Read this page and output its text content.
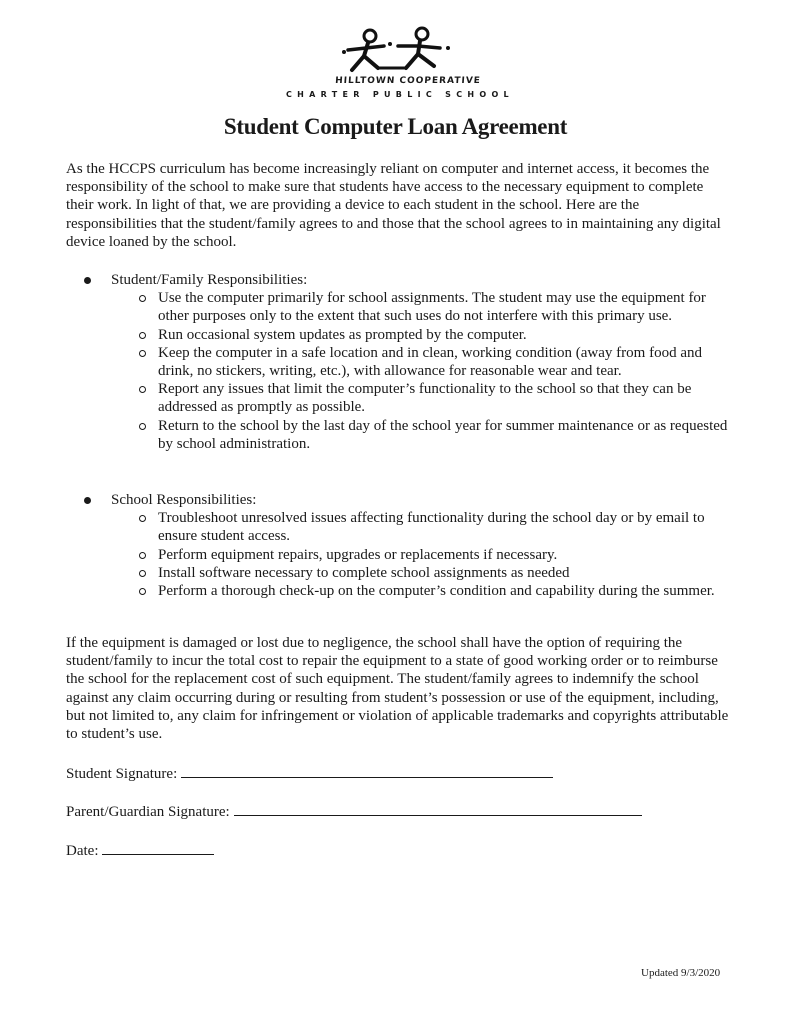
HILLTOWN COOPERATIVE
CHARTER PUBLIC SCHOOL
Student Computer Loan Agreement
As the HCCPS curriculum has become increasingly reliant on computer and internet access, it becomes the responsibility of the school to make sure that students have access to the necessary equipment to complete their work. In light of that, we are providing a device to each student in the school. Here are the responsibilities that the student/family agrees to and those that the school agrees to in maintaining any digital device loaned by the school.
Student/Family Responsibilities:
Use the computer primarily for school assignments. The student may use the equipment for other purposes only to the extent that such uses do not interfere with this primary use.
Run occasional system updates as prompted by the computer.
Keep the computer in a safe location and in clean, working condition (away from food and drink, no stickers, writing, etc.), with allowance for reasonable wear and tear.
Report any issues that limit the computer’s functionality to the school so that they can be addressed as promptly as possible.
Return to the school by the last day of the school year for summer maintenance or as requested by school administration.
School Responsibilities:
Troubleshoot unresolved issues affecting functionality during the school day or by email to ensure student access.
Perform equipment repairs, upgrades or replacements if necessary.
Install software necessary to complete school assignments as needed
Perform a thorough check-up on the computer’s condition and capability during the summer.
If the equipment is damaged or lost due to negligence, the school shall have the option of requiring the student/family to incur the total cost to repair the equipment to a state of good working order or to reimburse the school for the replacement cost of such equipment. The student/family agrees to indemnify the school against any claim occurring during or resulting from student’s possession or use of the equipment, including, but not limited to, any claim for infringement or violation of applicable trademarks and copyrights attributable to student’s use.
Student Signature:
Parent/Guardian Signature:
Date:
Updated 9/3/2020
